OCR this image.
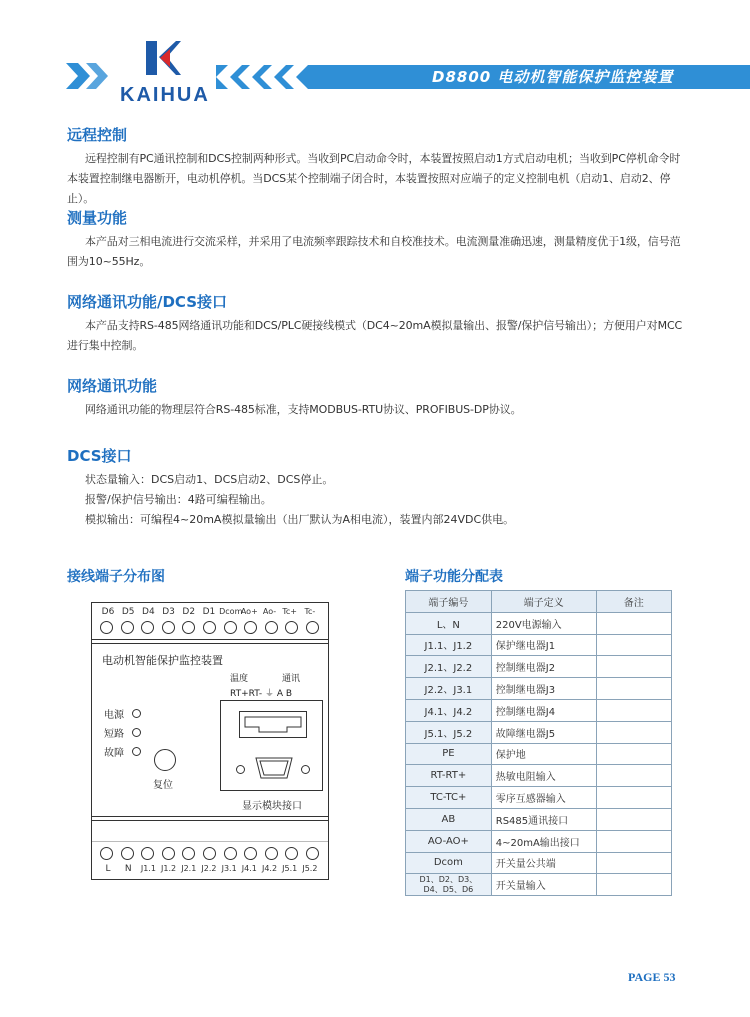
KAIHUA
D8800 电动机智能保护监控装置
远程控制
远程控制有PC通讯控制和DCS控制两种形式。当收到PC启动命令时，本装置按照启动1方式启动电机；当收到PC停机命令时本装置控制继电器断开，电动机停机。当DCS某个控制端子闭合时，本装置按照对应端子的定义控制电机（启动1、启动2、停止）。
测量功能
本产品对三相电流进行交流采样，并采用了电流频率跟踪技术和自校准技术。电流测量准确迅速，测量精度优于1级，信号范围为10~55Hz。
网络通讯功能/DCS接口
本产品支持RS-485网络通讯功能和DCS/PLC硬接线模式（DC4~20mA模拟量输出、报警/保护信号输出）；方便用户对MCC进行集中控制。
网络通讯功能
网络通讯功能的物理层符合RS-485标准，支持MODBUS-RTU协议、PROFIBUS-DP协议。
DCS接口
状态量输入：DCS启动1、DCS启动2、DCS停止。
报警/保护信号输出：4路可编程输出。
模拟输出：可编程4~20mA模拟量输出（出厂默认为A相电流），装置内部24VDC供电。
接线端子分布图
D6 D5 D4 D3 D2 D1 Dcom
Ao+ Ao- Tc+ Tc-
电动机智能保护监控装置
温度	通讯
RT+RT- ⏚ A B
电源
短路
故障
复位
显示模块接口
L	N	J1.1 J1.2 J2.1 J2.2 J3.1 J4.1 J4.2 J5.1 J5.2
端子功能分配表
端子编号	端子定义	备注
L、N	220V电源输入	
J1.1、J1.2	保护继电器J1	
J2.1、J2.2	控制继电器J2	
J2.2、J3.1	控制继电器J3	
J4.1、J4.2	控制继电器J4	
J5.1、J5.2	故障继电器J5	
PE	保护地	
RT-RT+	热敏电阻输入	
TC-TC+	零序互感器输入	
AB	RS485通讯接口	
AO-AO+	4~20mA输出接口	
Dcom	开关量公共端	

D1、D2、D3、
D4、D5、D6	开关量输入	
PAGE 53
